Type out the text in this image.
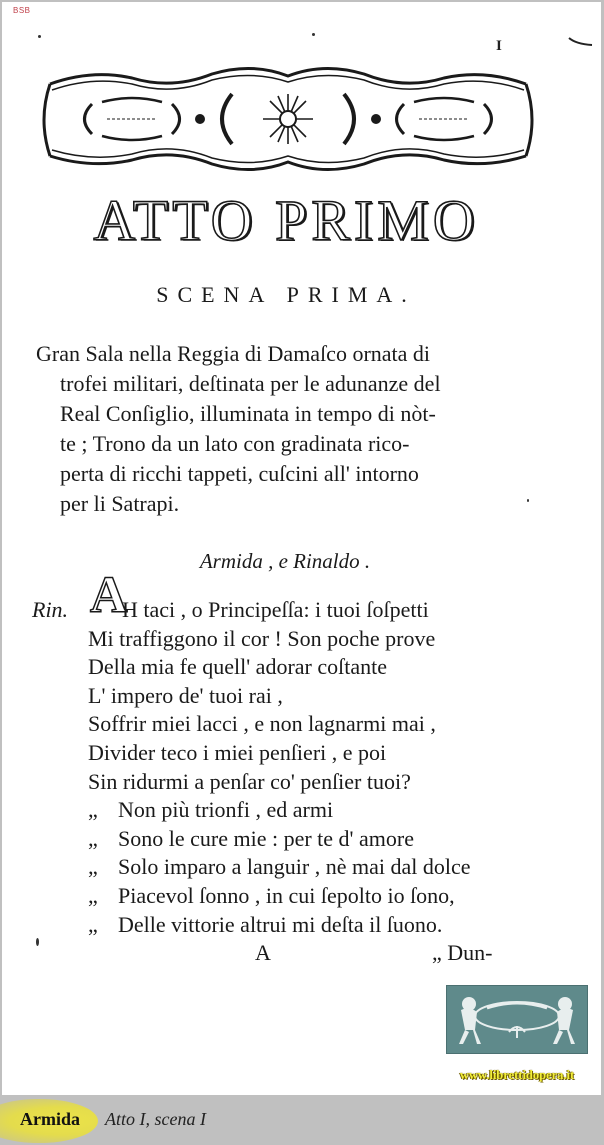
BSB
I
ATTO PRIMO
SCENA PRIMA.
Gran Sala nella Reggia di Damaſco ornata di
trofei militari, deſtinata per le adunanze del
Real Conſiglio, illuminata in tempo di nòt-
te ; Trono da un lato con gradinata rico-
perta di ricchi tappeti, cuſcini all' intorno
per li Satrapi.
Armida , e Rinaldo .
Rin. A
H taci , o Principeſſa: i tuoi ſoſpetti
Mi traffiggono il cor ! Son poche prove
Della mia fe quell' adorar coſtante
L' impero de' tuoi rai ,
Soffrir miei lacci , e non lagnarmi mai ,
Divider teco i miei penſieri , e poi
Sin ridurmi a penſar co' penſier tuoi?
„ Non più trionfi , ed armi
„ Sono le cure mie : per te d' amore
„ Solo imparo a languir , nè mai dal dolce
„ Piacevol ſonno , in cui ſepolto io ſono,
„ Delle vittorie altrui mi deſta il ſuono.
A	„ Dun-
www.librettidopera.it
Armida Atto I, scena I
